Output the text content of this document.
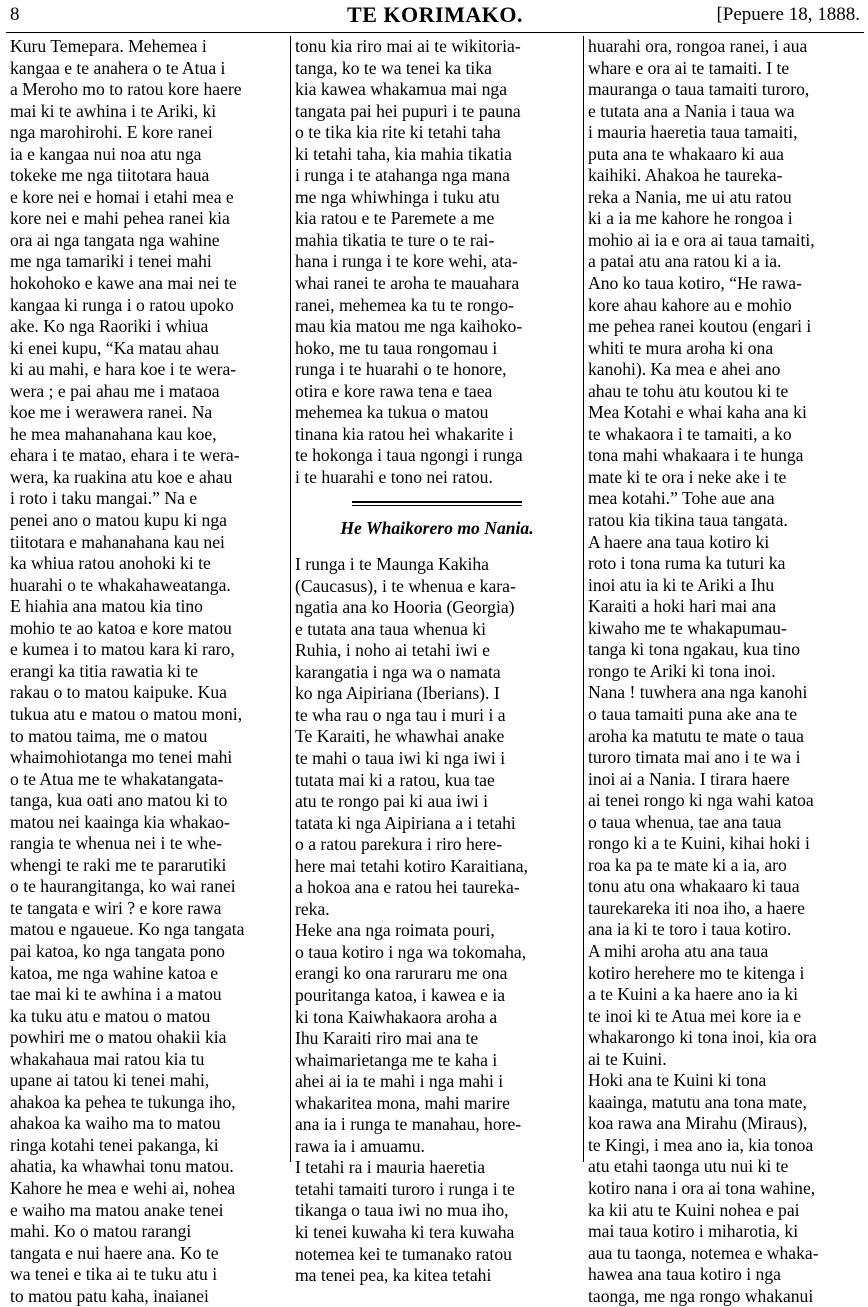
8	TE KORIMAKO.	[Pepuere 18, 1888.
Kuru Temepara. Mehemea i
kangaa e te anahera o te Atua i
a Meroho mo to ratou kore haere
mai ki te awhina i te Ariki, ki
nga marohirohi. E kore ranei
ia e kangaa nui noa atu nga
tokeke me nga tiitotara haua
e kore nei e homai i etahi mea e
kore nei e mahi pehea ranei kia
ora ai nga tangata nga wahine
me nga tamariki i tenei mahi
hokohoko e kawe ana mai nei te
kangaa ki runga i o ratou upoko
ake. Ko nga Raoriki i whiua
ki enei kupu, “Ka matau ahau
ki au mahi, e hara koe i te wera-
wera ; e pai ahau me i mataoa
koe me i werawera ranei. Na
he mea mahanahana kau koe,
ehara i te matao, ehara i te wera-
wera, ka ruakina atu koe e ahau
i roto i taku mangai.” Na e
penei ano o matou kupu ki nga
tiitotara e mahanahana kau nei
ka whiua ratou anohoki ki te
huarahi o te whakahaweatanga.
E hiahia ana matou kia tino
mohio te ao katoa e kore matou
e kumea i to matou kara ki raro,
erangi ka titia rawatia ki te
rakau o to matou kaipuke. Kua
tukua atu e matou o matou moni,
to matou taima, me o matou
whaimohiotanga mo tenei mahi
o te Atua me te whakatangata-
tanga, kua oati ano matou ki to
matou nei kaainga kia whakao-
rangia te whenua nei i te whe-
whengi te raki me te pararutiki
o te haurangitanga, ko wai ranei
te tangata e wiri ? e kore rawa
matou e ngaueue. Ko nga tangata
pai katoa, ko nga tangata pono
katoa, me nga wahine katoa e
tae mai ki te awhina i a matou
ka tuku atu e matou o matou
powhiri me o matou ohakii kia
whakahaua mai ratou kia tu
upane ai tatou ki tenei mahi,
ahakoa ka pehea te tukunga iho,
ahakoa ka waiho ma to matou
ringa kotahi tenei pakanga, ki
ahatia, ka whawhai tonu matou.
Kahore he mea e wehi ai, nohea
e waiho ma matou anake tenei
mahi. Ko o matou rarangi
tangata e nui haere ana. Ko te
wa tenei e tika ai te tuku atu i
to matou patu kaha, inaianei
tonu kia riro mai ai te wikitoria-
tanga, ko te wa tenei ka tika
kia kawea whakamua mai nga
tangata pai hei pupuri i te pauna
o te tika kia rite ki tetahi taha
ki tetahi taha, kia mahia tikatia
i runga i te atahanga nga mana
me nga whiwhinga i tuku atu
kia ratou e te Paremete a me
mahia tikatia te ture o te rai-
hana i runga i te kore wehi, ata-
whai ranei te aroha te mauahara
ranei, mehemea ka tu te rongo-
mau kia matou me nga kaihoko-
hoko, me tu taua rongomau i
runga i te huarahi o te honore,
otira e kore rawa tena e taea
mehemea ka tukua o matou
tinana kia ratou hei whakarite i
te hokonga i taua ngongi i runga
i te huarahi e tono nei ratou.
He Whaikorero mo Nania.
I runga i te Maunga Kakiha
(Caucasus), i te whenua e kara-
ngatia ana ko Hooria (Georgia)
e tutata ana taua whenua ki
Ruhia, i noho ai tetahi iwi e
karangatia i nga wa o namata
ko nga Aipiriana (Iberians). I
te wha rau o nga tau i muri i a
Te Karaiti, he whawhai anake
te mahi o taua iwi ki nga iwi i
tutata mai ki a ratou, kua tae
atu te rongo pai ki aua iwi i
tatata ki nga Aipiriana a i tetahi
o a ratou parekura i riro here-
here mai tetahi kotiro Karaitiana,
a hokoa ana e ratou hei taureka-
reka.
Heke ana nga roimata pouri,
o taua kotiro i nga wa tokomaha,
erangi ko ona raruraru me ona
pouritanga katoa, i kawea e ia
ki tona Kaiwhakaora aroha a
Ihu Karaiti riro mai ana te
whaimarietanga me te kaha i
ahei ai ia te mahi i nga mahi i
whakaritea mona, mahi marire
ana ia i runga te manahau, hore-
rawa ia i amuamu.
I tetahi ra i mauria haeretia
tetahi tamaiti turoro i runga i te
tikanga o taua iwi no mua iho,
ki tenei kuwaha ki tera kuwaha
notemea kei te tumanako ratou
ma tenei pea, ka kitea tetahi
huarahi ora, rongoa ranei, i aua
whare e ora ai te tamaiti. I te
mauranga o taua tamaiti turoro,
e tutata ana a Nania i taua wa
i mauria haeretia taua tamaiti,
puta ana te whakaaro ki aua
kaihiki. Ahakoa he taureka-
reka a Nania, me ui atu ratou
ki a ia me kahore he rongoa i
mohio ai ia e ora ai taua tamaiti,
a patai atu ana ratou ki a ia.
Ano ko taua kotiro, “He rawa-
kore ahau kahore au e mohio
me pehea ranei koutou (engari i
whiti te mura aroha ki ona
kanohi). Ka mea e ahei ano
ahau te tohu atu koutou ki te
Mea Kotahi e whai kaha ana ki
te whakaora i te tamaiti, a ko
tona mahi whakaara i te hunga
mate ki te ora i neke ake i te
mea kotahi.” Tohe aue ana
ratou kia tikina taua tangata.
A haere ana taua kotiro ki
roto i tona ruma ka tuturi ka
inoi atu ia ki te Ariki a Ihu
Karaiti a hoki hari mai ana
kiwaho me te whakapumau-
tanga ki tona ngakau, kua tino
rongo te Ariki ki tona inoi.
Nana ! tuwhera ana nga kanohi
o taua tamaiti puna ake ana te
aroha ka matutu te mate o taua
turoro timata mai ano i te wa i
inoi ai a Nania. I tirara haere
ai tenei rongo ki nga wahi katoa
o taua whenua, tae ana taua
rongo ki a te Kuini, kihai hoki i
roa ka pa te mate ki a ia, aro
tonu atu ona whakaaro ki taua
taurekareka iti noa iho, a haere
ana ia ki te toro i taua kotiro.
A mihi aroha atu ana taua
kotiro herehere mo te kitenga i
a te Kuini a ka haere ano ia ki
te inoi ki te Atua mei kore ia e
whakarongo ki tona inoi, kia ora
ai te Kuini.
Hoki ana te Kuini ki tona
kaainga, matutu ana tona mate,
koa rawa ana Mirahu (Miraus),
te Kingi, i mea ano ia, kia tonoa
atu etahi taonga utu nui ki te
kotiro nana i ora ai tona wahine,
ka kii atu te Kuini nohea e pai
mai taua kotiro i miharotia, ki
aua tu taonga, notemea e whaka-
hawea ana taua kotiro i nga
taonga, me nga rongo whakanui
